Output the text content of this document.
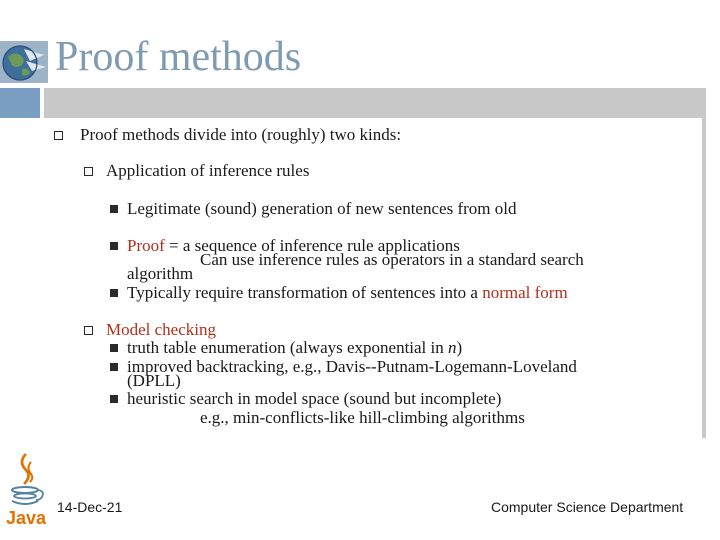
Proof methods
Proof methods divide into (roughly) two kinds:
Application of inference rules
Legitimate (sound) generation of new sentences from old
Proof = a sequence of inference rule applications
Can use inference rules as operators in a standard search
algorithm
Typically require transformation of sentences into a normal form
Model checking
truth table enumeration (always exponential in n)
improved backtracking, e.g., Davis--Putnam-Logemann-Loveland
(DPLL)
heuristic search in model space (sound but incomplete)
e.g., min-conflicts-like hill-climbing algorithms
Java
14-Dec-21	Computer Science Department
